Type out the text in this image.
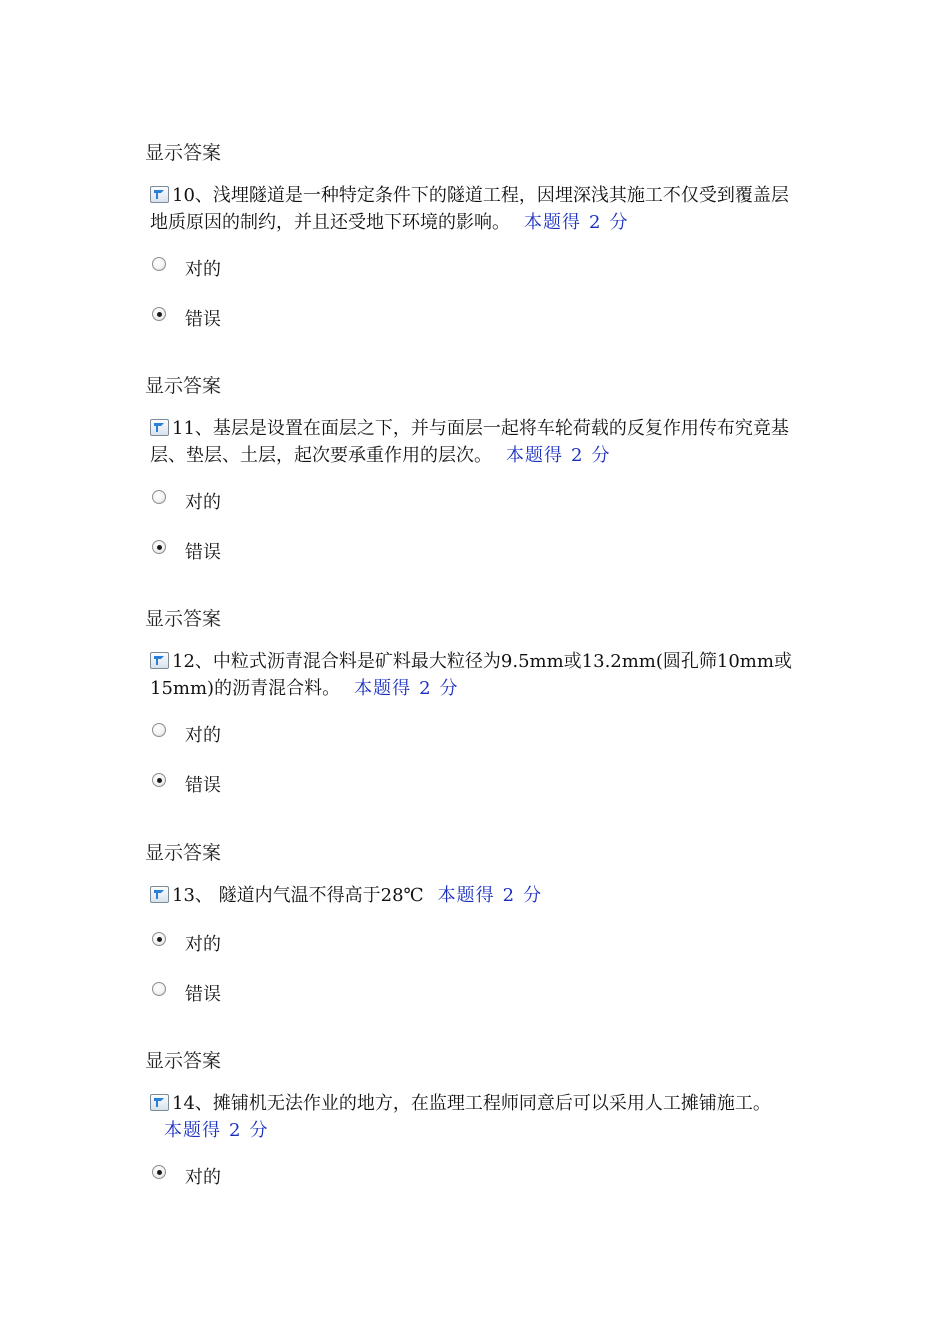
显示答案
10、浅埋隧道是一种特定条件下的隧道工程，因埋深浅其施工不仅受到覆盖层地质原因的制约，并且还受地下环境的影响。 本题得 2 分
对的
错误
显示答案
11、基层是设置在面层之下，并与面层一起将车轮荷载的反复作用传布究竟基层、垫层、土层，起次要承重作用的层次。 本题得 2 分
对的
错误
显示答案
12、中粒式沥青混合料是矿料最大粒径为9.5mm或13.2mm(圆孔筛10mm或15mm)的沥青混合料。 本题得 2 分
对的
错误
显示答案
13、 隧道内气温不得高于28℃ 本题得 2 分
对的
错误
显示答案
14、摊铺机无法作业的地方，在监理工程师同意后可以采用人工摊铺施工。本题得 2 分
对的
